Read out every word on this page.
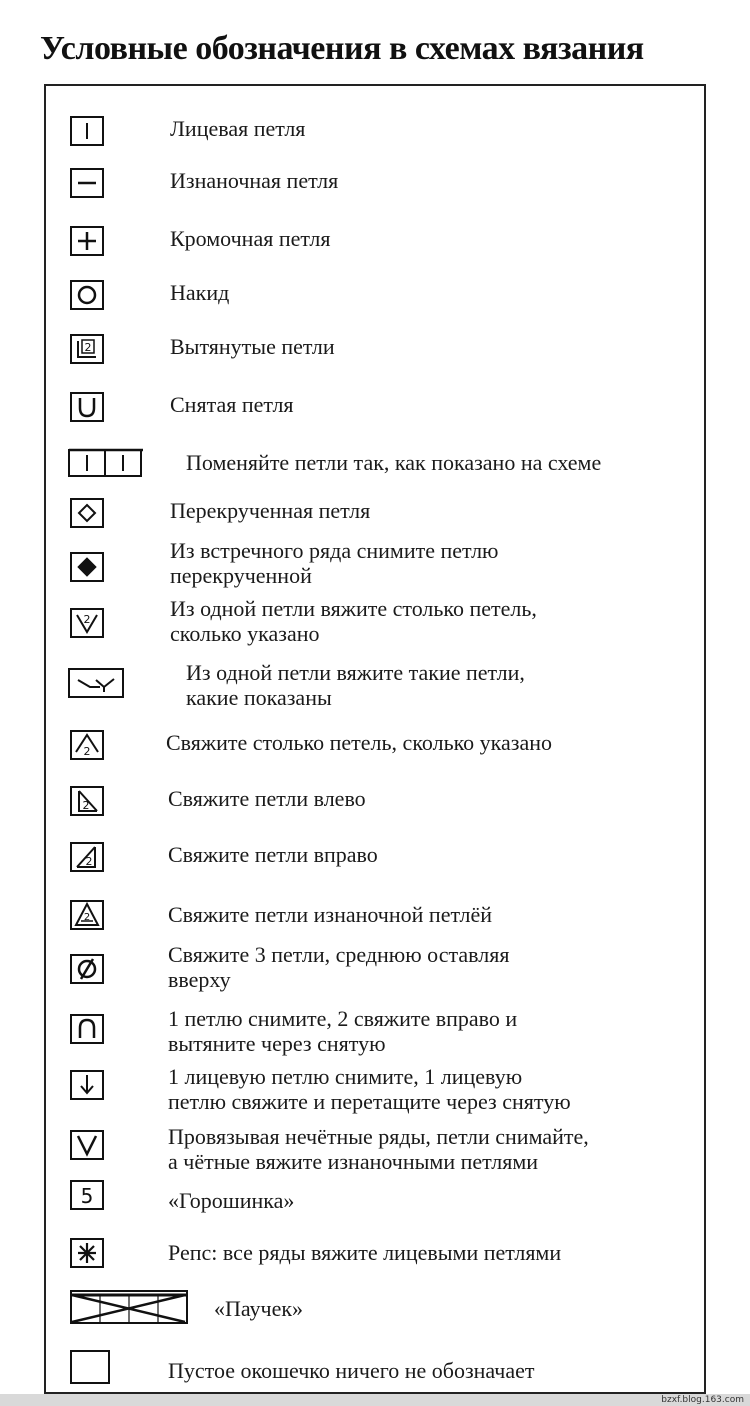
Условные обозначения в схемах вязания
Лицевая петля
Изнаночная петля
Кромочная петля
Накид
2	Вытянутые петли
Снятая петля
Поменяйте петли так, как показано на схеме
Перекрученная петля
Из встречного ряда снимите петлю
перекрученной
2	Из одной петли вяжите столько петель,
сколько указано
Из одной петли вяжите такие петли,
какие показаны
2	Свяжите столько петель, сколько указано
2	Свяжите петли влево
2	Свяжите петли вправо
2	Свяжите петли изнаночной петлёй
Свяжите 3 петли, среднюю оставляя
вверху
1 петлю снимите, 2 свяжите вправо и
вытяните через снятую
1 лицевую петлю снимите, 1 лицевую
петлю свяжите и перетащите через снятую
Провязывая нечётные ряды, петли снимайте,
а чётные вяжите изнаночными петлями
5	«Горошинка»
Репс: все ряды вяжите лицевыми петлями
«Паучек»
Пустое окошечко ничего не обозначает
bzxf.blog.163.com
